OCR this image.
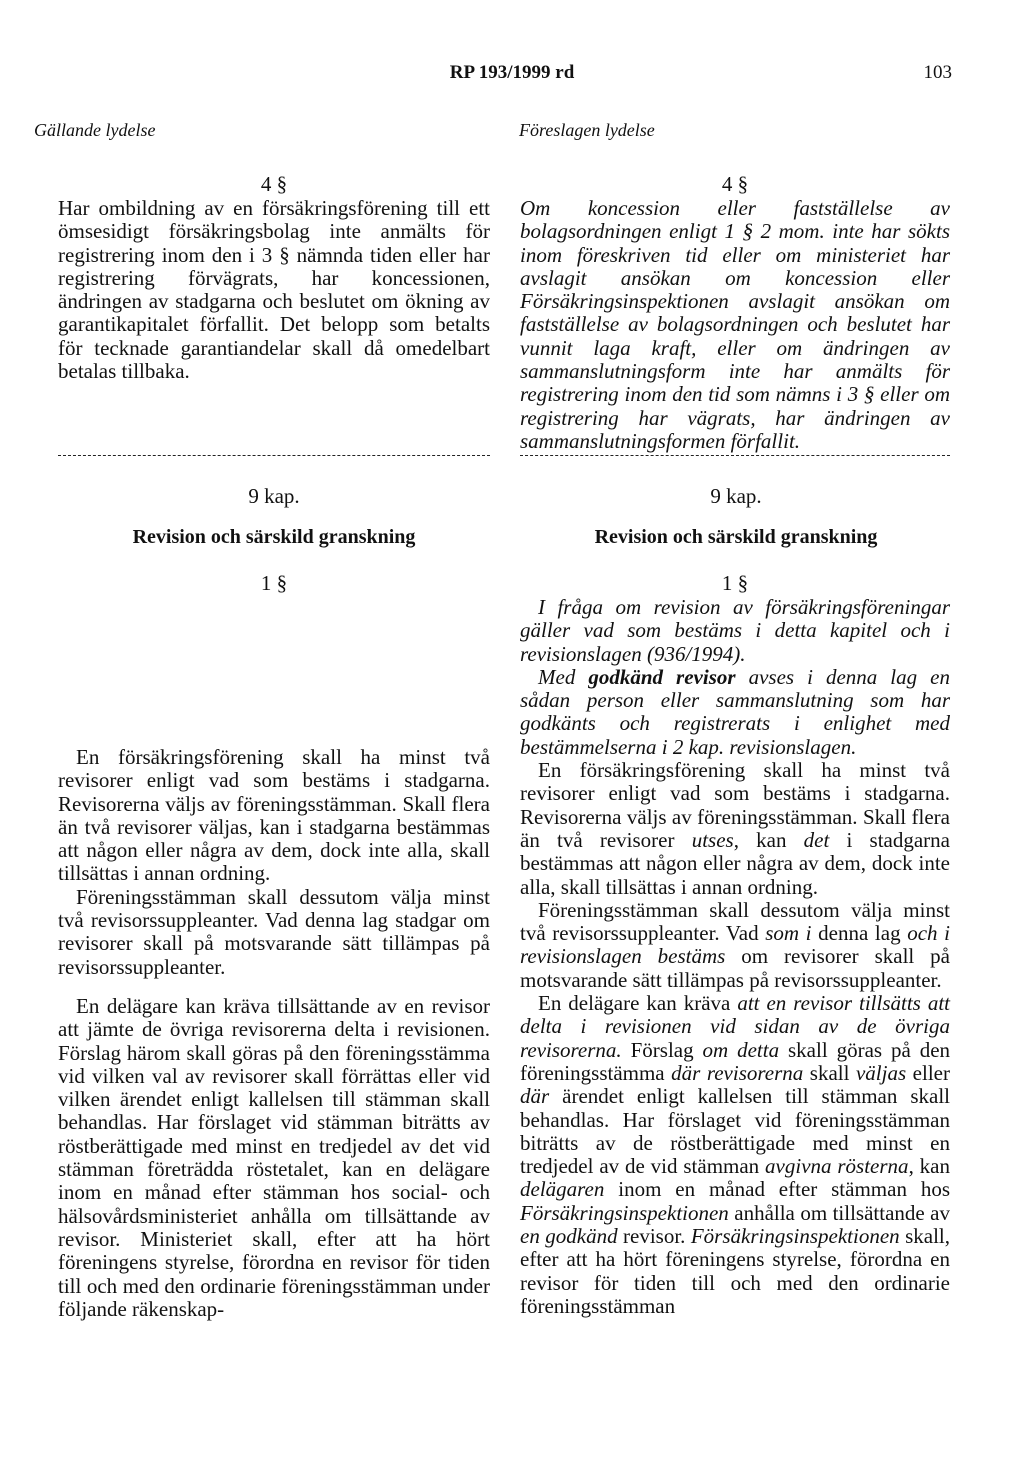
RP 193/1999 rd	103
Gällande lydelse	Föreslagen lydelse
4 §

Har ombildning av en försäkringsförening till ett ömsesidigt försäkringsbolag inte anmälts för registrering inom den i 3 § nämnda tiden eller har registrering förvägrats, har koncessionen, ändringen av stadgarna och beslutet om ökning av garantikapitalet förfallit. Det belopp som betalts för tecknade garantiandelar skall då omedelbart betalas tillbaka.

4 §

Om koncession eller fastställelse av bolagsordningen enligt 1 § 2 mom. inte har sökts inom föreskriven tid eller om ministeriet har avslagit ansökan om koncession eller Försäkringsinspektionen avslagit ansökan om fastställelse av bolagsordningen och beslutet har vunnit laga kraft, eller om ändringen av sammanslutningsform inte har anmälts för registrering inom den tid som nämns i 3 § eller om registrering har vägrats, har ändringen av sammanslutningsformen förfallit.

9 kap.	9 kap.
Revision och särskild granskning	Revision och särskild granskning
1 §

En försäkringsförening skall ha minst två revisorer enligt vad som bestäms i stadgarna. Revisorerna väljs av föreningsstämman. Skall flera än två revisorer väljas, kan i stadgarna bestämmas att någon eller några av dem, dock inte alla, skall tillsättas i annan ordning.

Föreningsstämman skall dessutom välja minst två revisorssuppleanter. Vad denna lag stadgar om revisorer skall på motsvarande sätt tillämpas på revisorssuppleanter.

En delägare kan kräva tillsättande av en revisor att jämte de övriga revisorerna delta i revisionen. Förslag härom skall göras på den föreningsstämma vid vilken val av revisorer skall förrättas eller vid vilken ärendet enligt kallelsen till stämman skall behandlas. Har förslaget vid stämman biträtts av röstberättigade med minst en tredjedel av det vid stämman företrädda röstetalet, kan en delägare inom en månad efter stämman hos social- och hälsovårdsministeriet anhålla om tillsättande av revisor. Ministeriet skall, efter att ha hört föreningens styrelse, förordna en revisor för tiden till och med den ordinarie föreningsstämman under följande räkenskap-

1 §

I fråga om revision av försäkringsföreningar gäller vad som bestäms i detta kapitel och i revisionslagen (936/1994).

Med godkänd revisor avses i denna lag en sådan person eller sammanslutning som har godkänts och registrerats i enlighet med bestämmelserna i 2 kap. revisionslagen.

En försäkringsförening skall ha minst två revisorer enligt vad som bestäms i stadgarna. Revisorerna väljs av föreningsstämman. Skall flera än två revisorer utses, kan det i stadgarna bestämmas att någon eller några av dem, dock inte alla, skall tillsättas i annan ordning.

Föreningsstämman skall dessutom välja minst två revisorssuppleanter. Vad som i denna lag och i revisionslagen bestäms om revisorer skall på motsvarande sätt tillämpas på revisorssuppleanter.

En delägare kan kräva att en revisor tillsätts att delta i revisionen vid sidan av de övriga revisorerna. Förslag om detta skall göras på den föreningsstämma där revisorerna skall väljas eller där ärendet enligt kallelsen till stämman skall behandlas. Har förslaget vid föreningsstämman biträtts av de röstberättigade med minst en tredjedel av de vid stämman avgivna rösterna, kan delägaren inom en månad efter stämman hos Försäkringsinspektionen anhålla om tillsättande av en godkänd revisor. Försäkringsinspektionen skall, efter att ha hört föreningens styrelse, förordna en revisor för tiden till och med den ordinarie föreningsstämman
